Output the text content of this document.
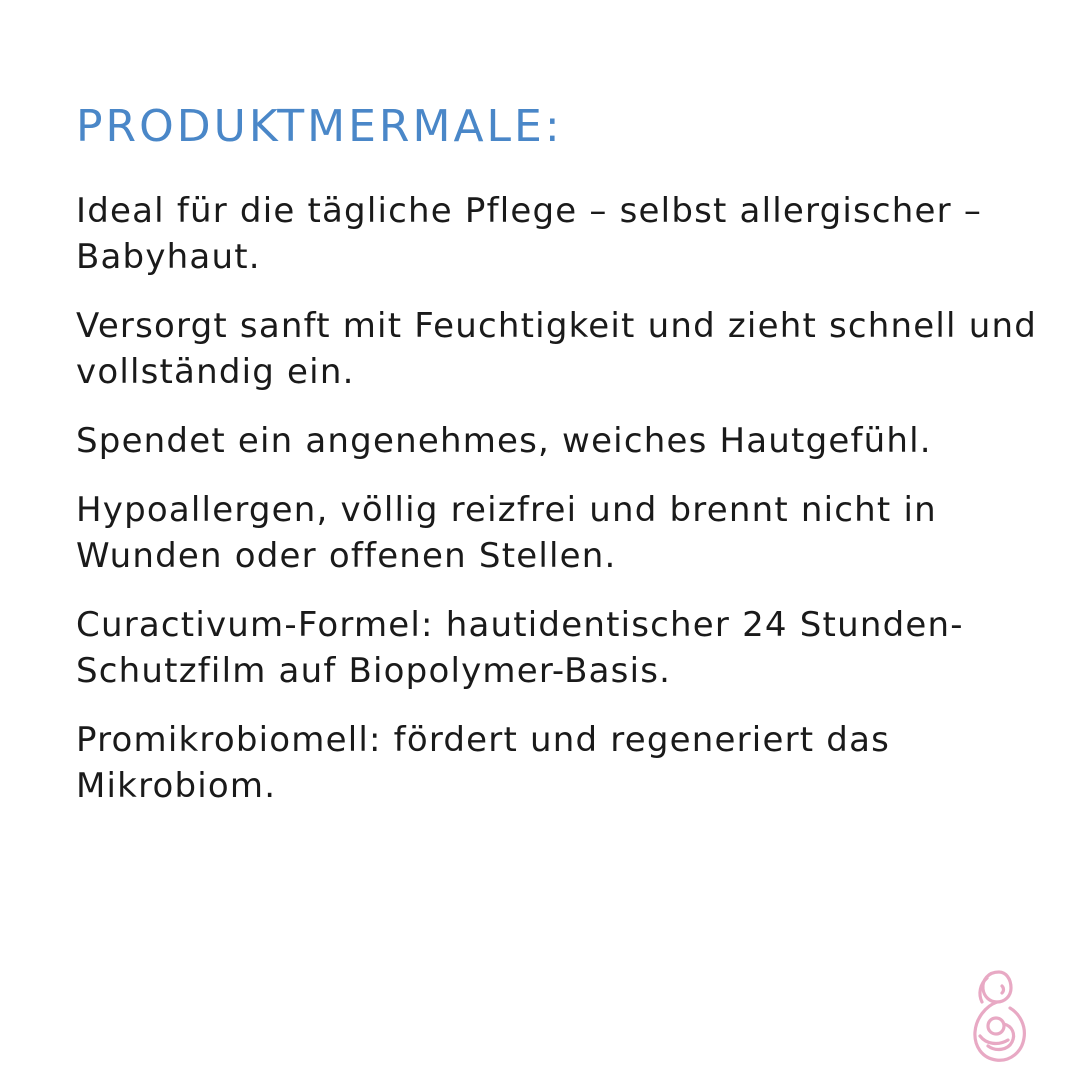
PRODUKTMERMALE:
Ideal für die tägliche Pflege – selbst allergischer – Babyhaut.
Versorgt sanft mit Feuchtigkeit und zieht schnell und vollständig ein.
Spendet ein angenehmes, weiches Hautgefühl.
Hypoallergen, völlig reizfrei und brennt nicht in Wunden oder offenen Stellen.
Curactivum-Formel: hautidentischer 24 Stunden-Schutzfilm auf Biopolymer-Basis.
Promikrobiomell: fördert und regeneriert das Mikrobiom.
